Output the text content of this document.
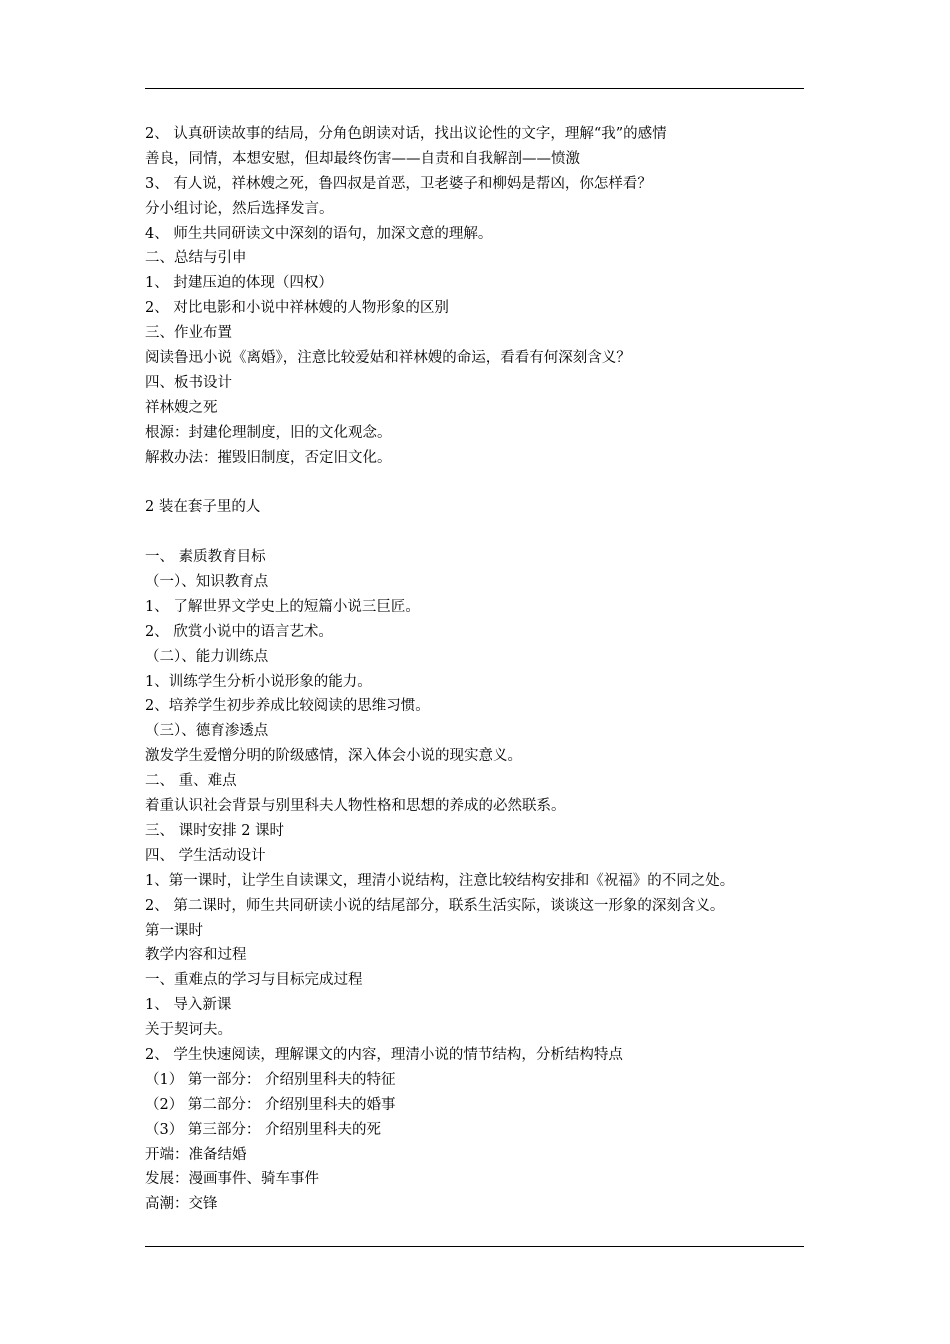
2、 认真研读故事的结局，分角色朗读对话，找出议论性的文字，理解“我”的感情
善良，同情，本想安慰，但却最终伤害——自责和自我解剖——愤激
3、 有人说，祥林嫂之死，鲁四叔是首恶，卫老婆子和柳妈是帮凶，你怎样看？
分小组讨论，然后选择发言。
4、 师生共同研读文中深刻的语句，加深文意的理解。
二、总结与引申
1、 封建压迫的体现（四权）
2、 对比电影和小说中祥林嫂的人物形象的区别
三、作业布置
阅读鲁迅小说《离婚》，注意比较爱姑和祥林嫂的命运，看看有何深刻含义？
四、板书设计
祥林嫂之死
根源：封建伦理制度，旧的文化观念。
解救办法：摧毁旧制度，否定旧文化。
2 装在套子里的人
一、 素质教育目标
（一）、知识教育点
1、 了解世界文学史上的短篇小说三巨匠。
2、 欣赏小说中的语言艺术。
（二）、能力训练点
1、训练学生分析小说形象的能力。
2、培养学生初步养成比较阅读的思维习惯。
（三）、德育渗透点
激发学生爱憎分明的阶级感情，深入体会小说的现实意义。
二、 重、难点
着重认识社会背景与别里科夫人物性格和思想的养成的必然联系。
三、 课时安排 2 课时
四、 学生活动设计
1、第一课时，让学生自读课文，理清小说结构，注意比较结构安排和《祝福》的不同之处。
2、 第二课时，师生共同研读小说的结尾部分，联系生活实际，谈谈这一形象的深刻含义。
第一课时
教学内容和过程
一、重难点的学习与目标完成过程
1、 导入新课
关于契诃夫。
2、 学生快速阅读，理解课文的内容，理清小说的情节结构，分析结构特点
（1） 第一部分： 介绍别里科夫的特征
（2） 第二部分： 介绍别里科夫的婚事
（3） 第三部分： 介绍别里科夫的死
开端：准备结婚
发展：漫画事件、骑车事件
高潮：交锋
